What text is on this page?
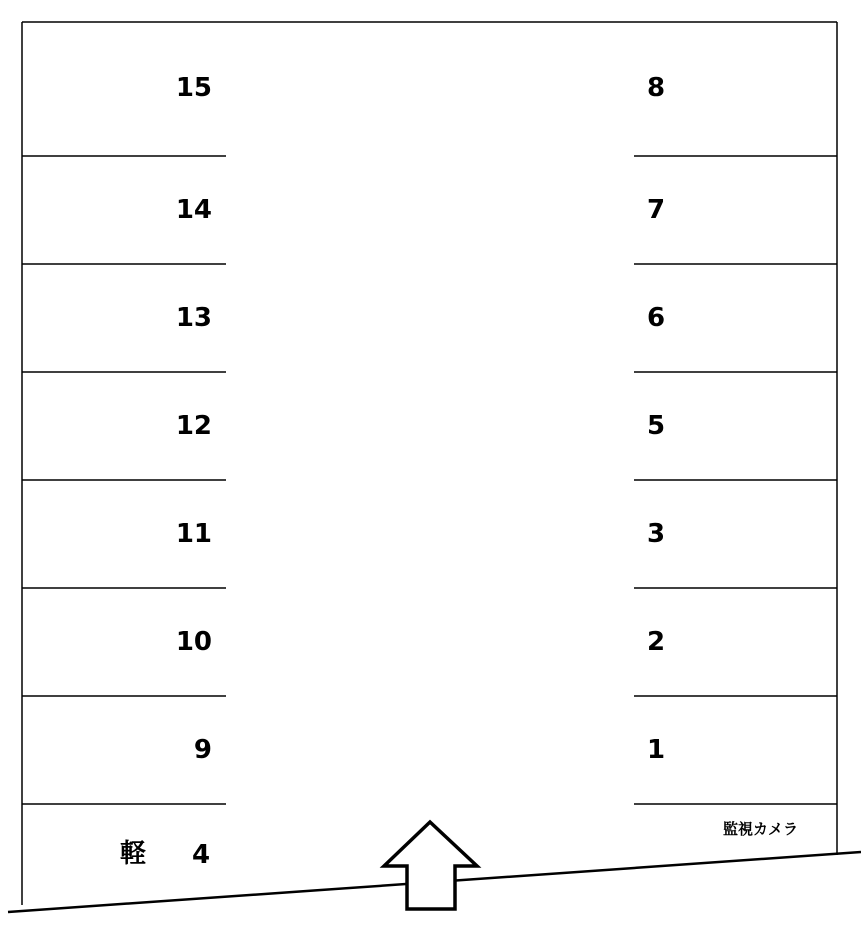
15
14
13
12
11
10
9
8
7
6
5
3
2
1
軽 4
監視カメラ
